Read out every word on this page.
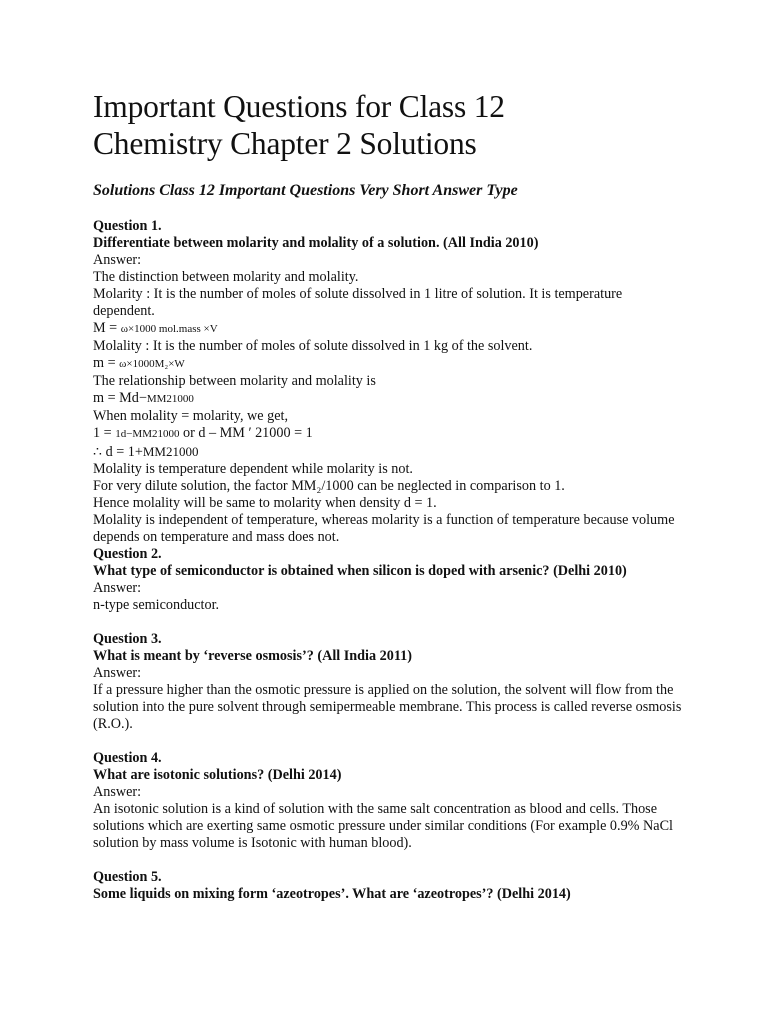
Important Questions for Class 12
Chemistry Chapter 2 Solutions

Solutions Class 12 Important Questions Very Short Answer Type

Question 1.

Differentiate between molarity and molality of a solution. (All India 2010)

Answer:

The distinction between molarity and molality.

Molarity : It is the number of moles of solute dissolved in 1 litre of solution. It is temperature dependent.

M = ω×1000 mol.mass ×V

Molality : It is the number of moles of solute dissolved in 1 kg of the solvent.

m = ω×1000M₂×W

The relationship between molarity and molality is

m = Md−MM21000

When molality = molarity, we get,

1 = 1d−MM21000 or d – MM ′ 21000 = 1

∴ d = 1+MM21000

Molality is temperature dependent while molarity is not.

For very dilute solution, the factor MM₂/1000 can be neglected in comparison to 1.

Hence molality will be same to molarity when density d = 1.

Molality is independent of temperature, whereas molarity is a function of temperature because volume depends on temperature and mass does not.

Question 2.

What type of semiconductor is obtained when silicon is doped with arsenic? (Delhi 2010)

Answer:

n-type semiconductor.

Question 3.

What is meant by ‘reverse osmosis’? (All India 2011)

Answer:

If a pressure higher than the osmotic pressure is applied on the solution, the solvent will flow from the solution into the pure solvent through semipermeable membrane. This process is called reverse osmosis (R.O.).

Question 4.

What are isotonic solutions? (Delhi 2014)

Answer:

An isotonic solution is a kind of solution with the same salt concentration as blood and cells. Those solutions which are exerting same osmotic pressure under similar conditions (For example 0.9% NaCl solution by mass volume is Isotonic with human blood).

Question 5.

Some liquids on mixing form ‘azeotropes’. What are ‘azeotropes’? (Delhi 2014)
